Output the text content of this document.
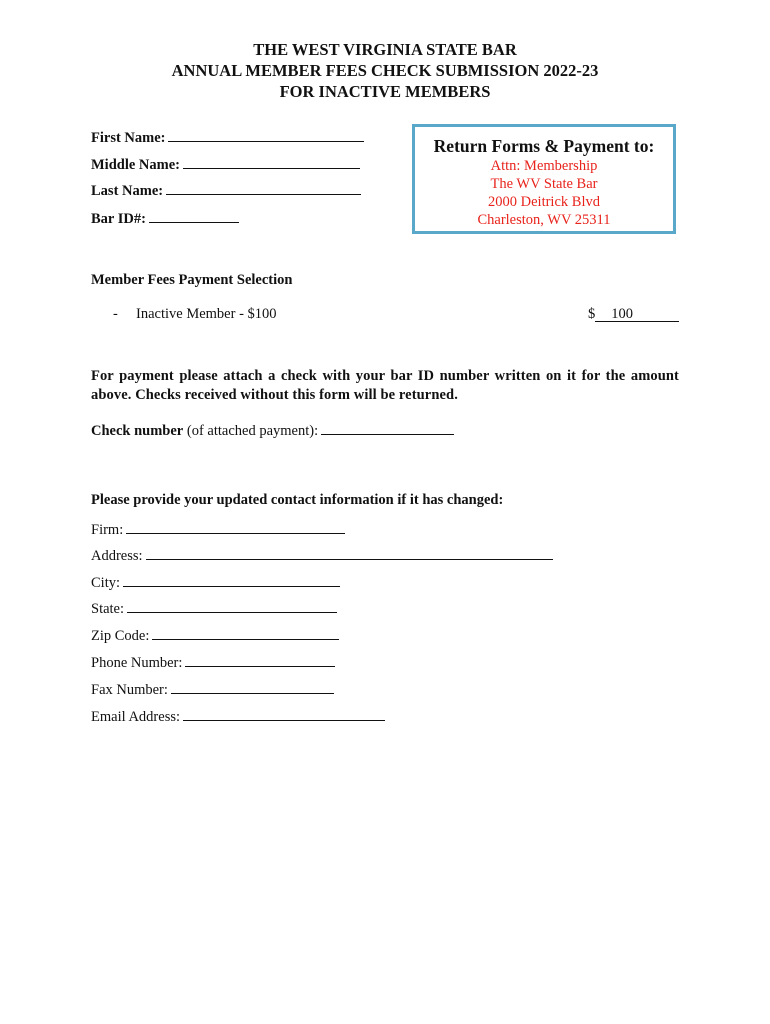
THE WEST VIRGINIA STATE BAR
ANNUAL MEMBER FEES CHECK SUBMISSION 2022-23
FOR INACTIVE MEMBERS
First Name:
Middle Name:
Last Name:
Bar ID#:
Return Forms & Payment to:
Attn: Membership
The WV State Bar
2000 Deitrick Blvd
Charleston, WV 25311
Member Fees Payment Selection
- Inactive Member - $100	$ 100
For payment please attach a check with your bar ID number written on it for the amount above. Checks received without this form will be returned.
Check number (of attached payment):
Please provide your updated contact information if it has changed:
Firm:
Address:
City:
State:
Zip Code:
Phone Number:
Fax Number:
Email Address:
